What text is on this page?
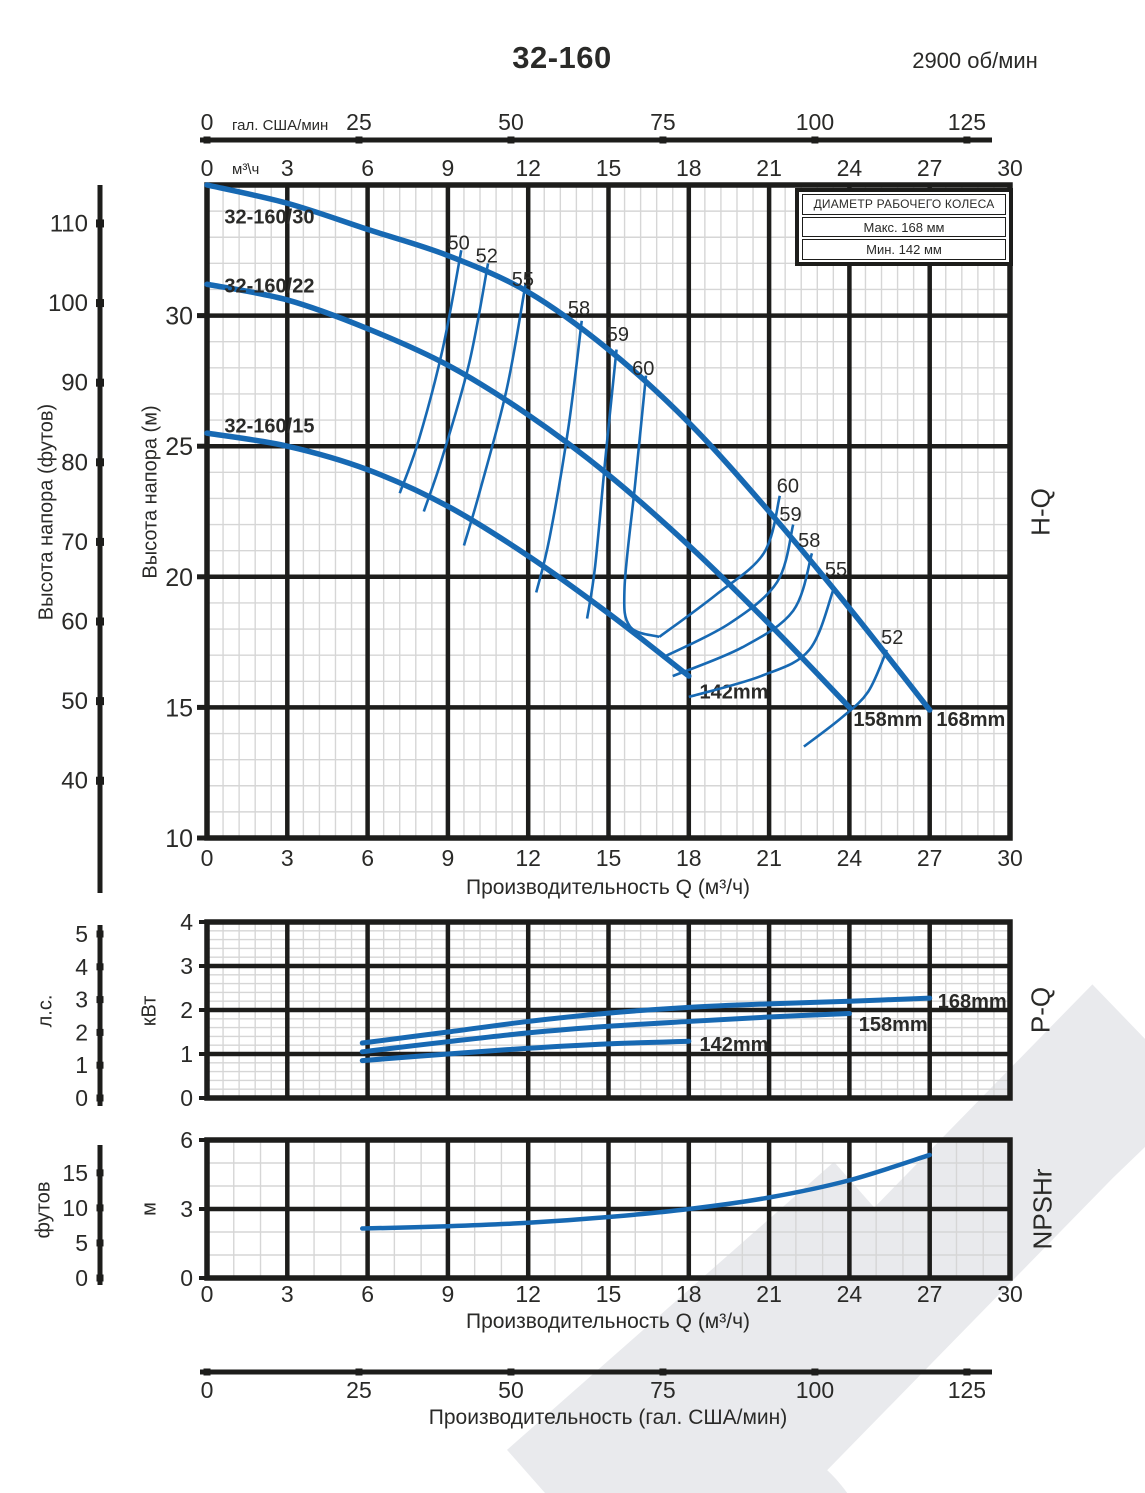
0	25	50	75	100	125
гал. США/мин
0	3	6	9	12 15 18 21 24 27 30
м³\ч
40
50
60
70
80
90
100
110
10
15
20
25
30
0	3	6	9	12 15 18 21 24 27 30
32-160/30
168mm
32-160/22
158mm
32-160/15
142mm
50
52
55
58
59
60
60
59
58
55
52
0
1
2
3
4
5
0
1
2
3
4
168mm
158mm
142mm
0
5
10
15
0
3
6
0	3	6	9	12 15 18 21 24 27 30
0	25	50	75	100	125
32-160	2900 об/мин
ДИАМЕТР РАБОЧЕГО КОЛЕСА
Макс. 168 мм
Мин. 142 мм
Высота напора (футов)	Высота напора (м)	H-Q
Производительность Q (м³/ч)
л.с.	кВт	P-Q
футов	м	NPSHr
Производительность Q (м³/ч)
Производительность (гал. США/мин)
